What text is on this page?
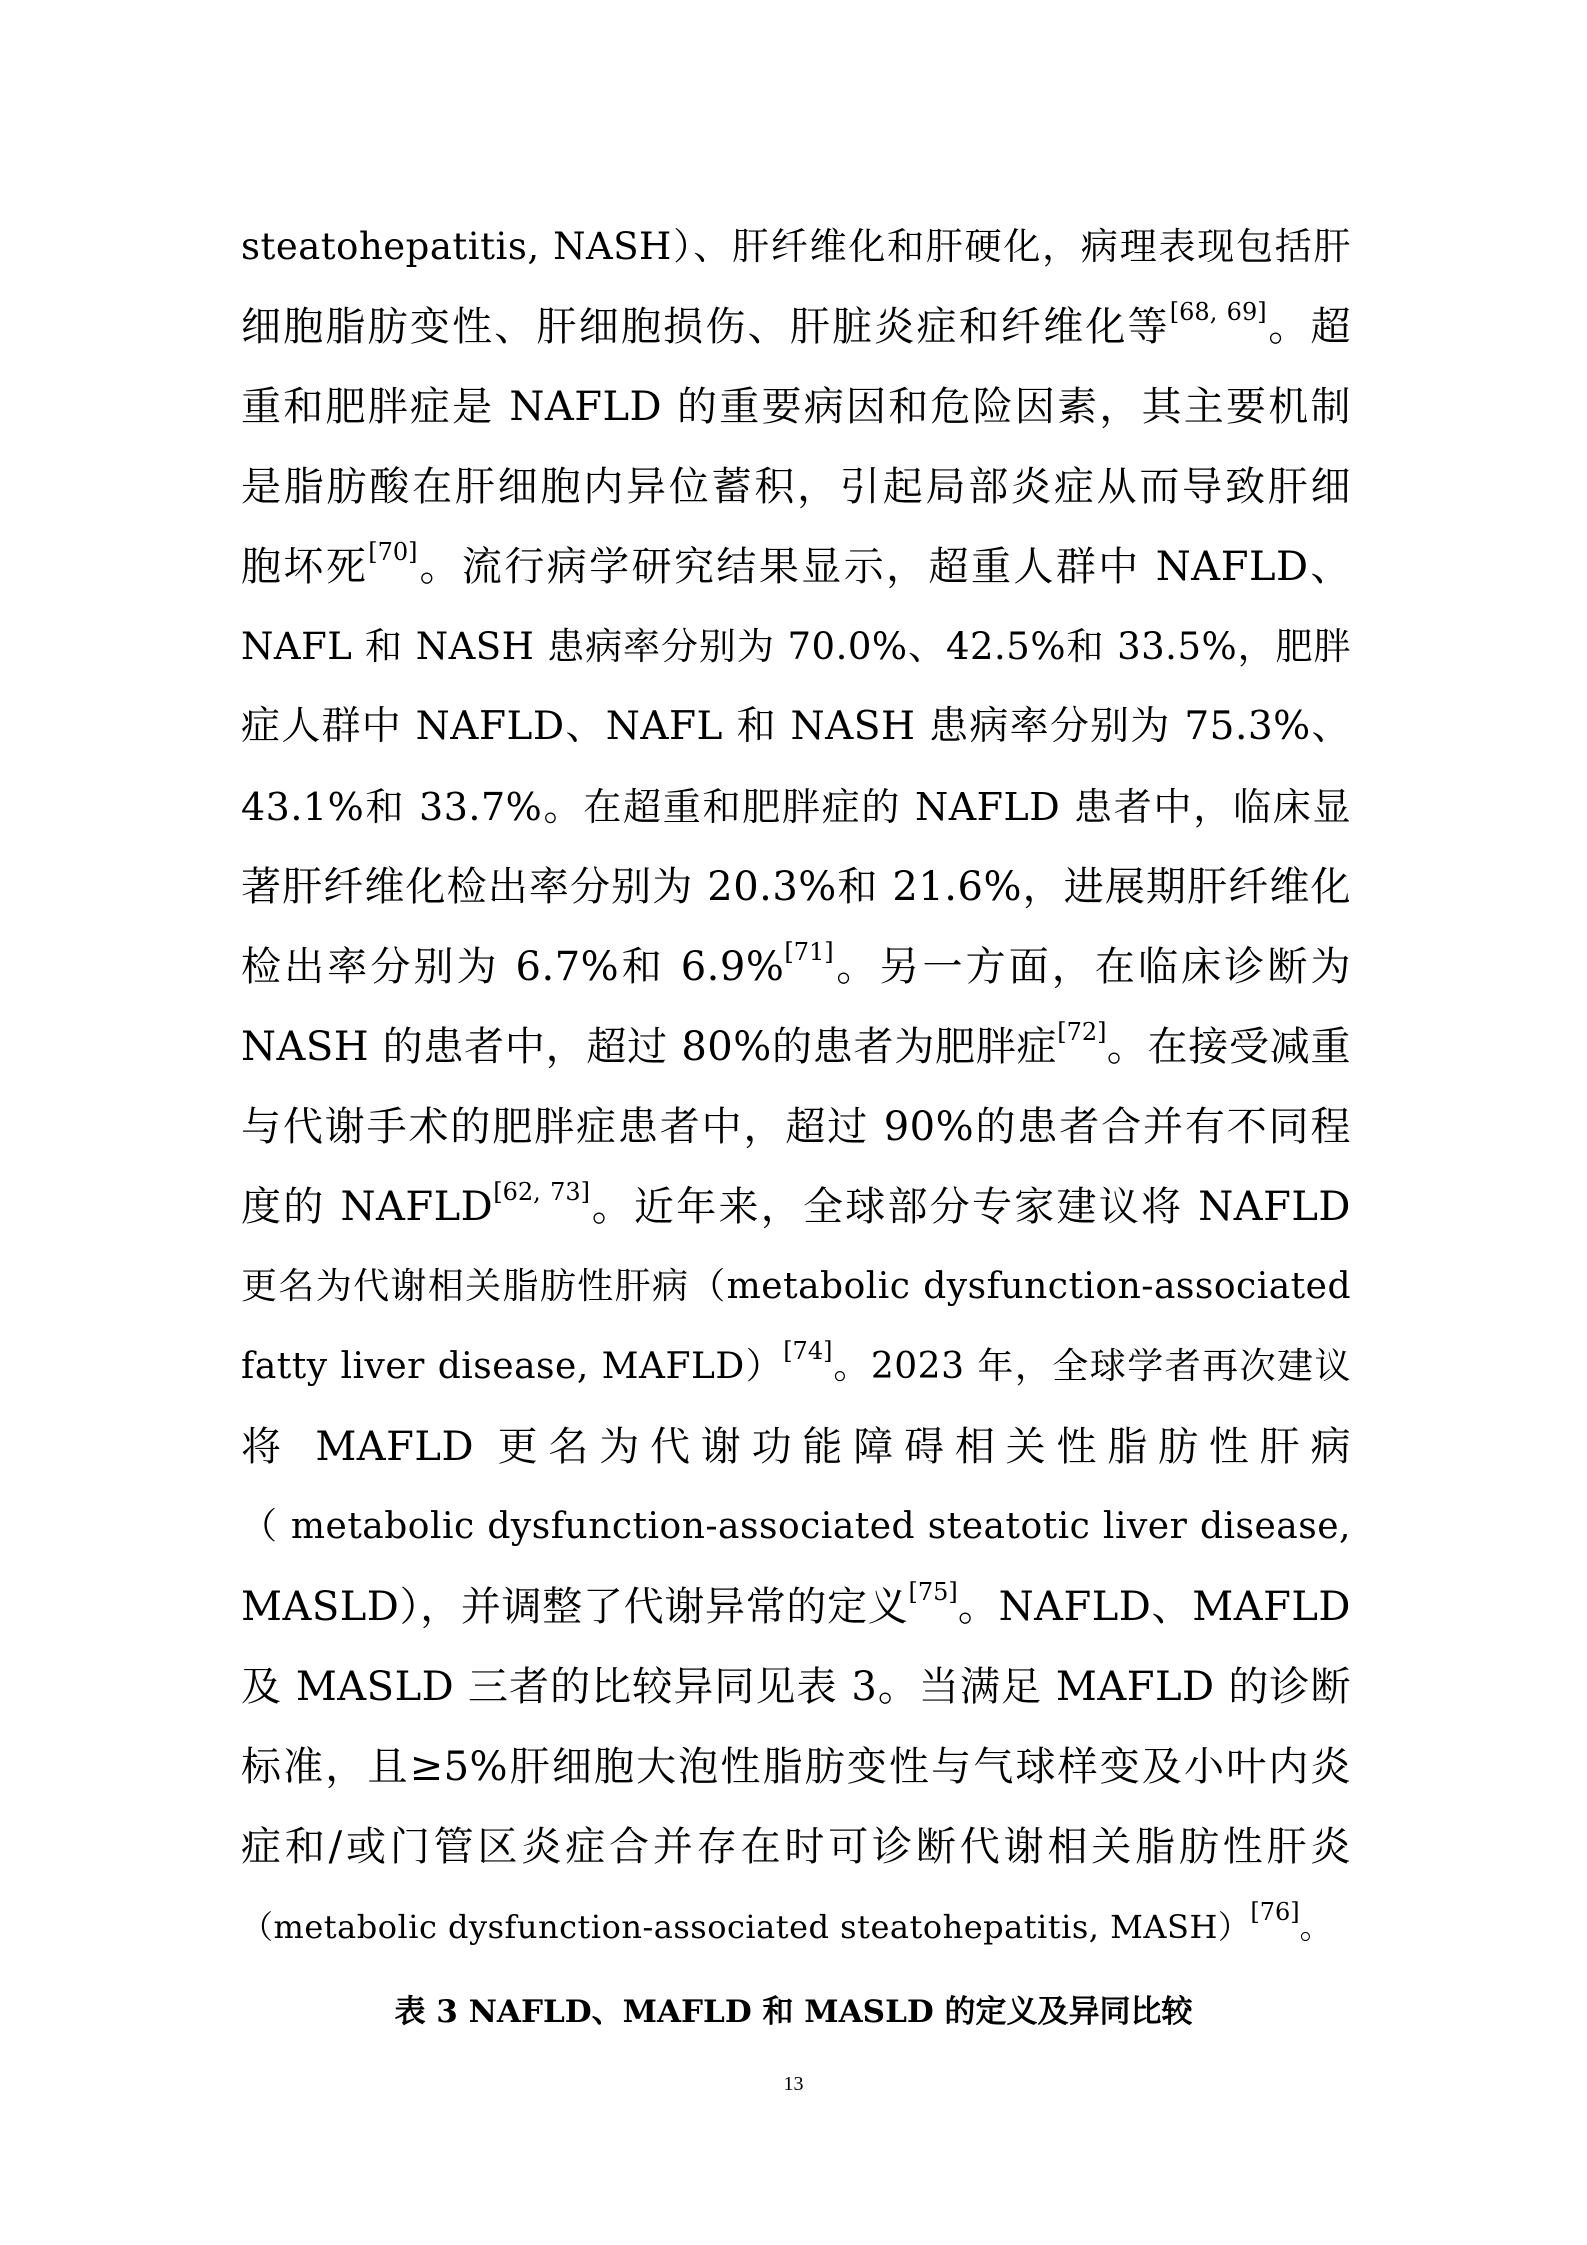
steatohepatitis, NASH）、肝纤维化和肝硬化，病理表现包括肝
细胞脂肪变性、肝细胞损伤、肝脏炎症和纤维化等[68, 69]。超
重和肥胖症是 NAFLD 的重要病因和危险因素，其主要机制
是脂肪酸在肝细胞内异位蓄积，引起局部炎症从而导致肝细
胞坏死[70]。流行病学研究结果显示，超重人群中 NAFLD、
NAFL 和 NASH 患病率分别为 70.0%、42.5%和 33.5%，肥胖
症人群中 NAFLD、NAFL 和 NASH 患病率分别为 75.3%、
43.1%和 33.7%。在超重和肥胖症的 NAFLD 患者中，临床显
著肝纤维化检出率分别为 20.3%和 21.6%，进展期肝纤维化
检出率分别为 6.7%和 6.9%[71]。另一方面，在临床诊断为
NASH 的患者中，超过 80%的患者为肥胖症[72]。在接受减重
与代谢手术的肥胖症患者中，超过 90%的患者合并有不同程
度的 NAFLD[62, 73]。近年来，全球部分专家建议将 NAFLD
更名为代谢相关脂肪性肝病（metabolic dysfunction-associated
fatty liver disease, MAFLD）[74]。2023 年，全球学者再次建议
将 MAFLD 更名为代谢功能障碍相关性脂肪性肝病
（ metabolic dysfunction-associated steatotic liver disease,
MASLD），并调整了代谢异常的定义[75]。NAFLD、MAFLD
及 MASLD 三者的比较异同见表 3。当满足 MAFLD 的诊断
标准，且≥5%肝细胞大泡性脂肪变性与气球样变及小叶内炎
症和/或门管区炎症合并存在时可诊断代谢相关脂肪性肝炎
（metabolic dysfunction-associated steatohepatitis, MASH）[76]。
表 3 NAFLD、MAFLD 和 MASLD 的定义及异同比较
13
